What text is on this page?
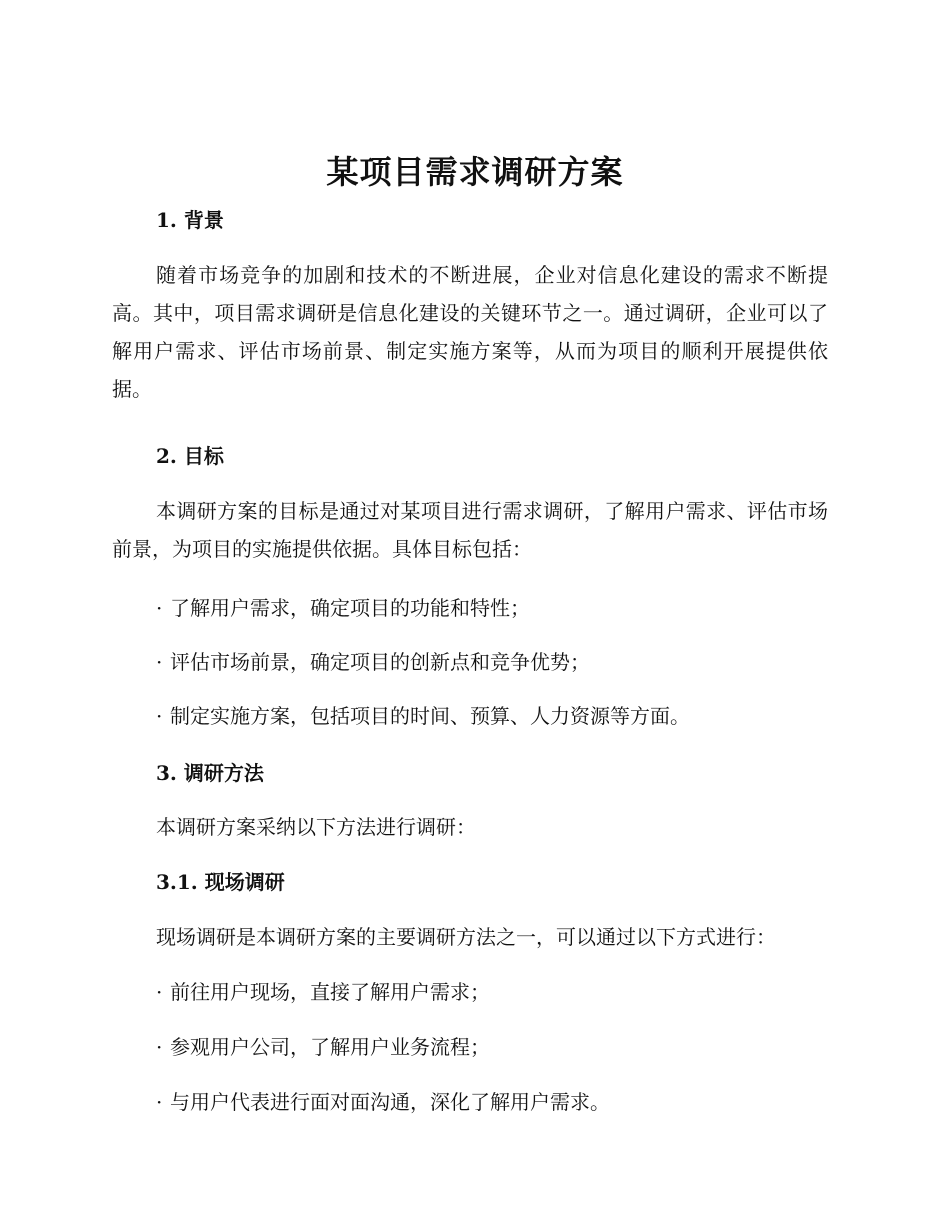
某项目需求调研方案
1. 背景

随着市场竞争的加剧和技术的不断进展，企业对信息化建设的需求不断提高。其中，项目需求调研是信息化建设的关键环节之一。通过调研，企业可以了解用户需求、评估市场前景、制定实施方案等，从而为项目的顺利开展提供依据。

2. 目标

本调研方案的目标是通过对某项目进行需求调研，了解用户需求、评估市场前景，为项目的实施提供依据。具体目标包括：

· 了解用户需求，确定项目的功能和特性；

· 评估市场前景，确定项目的创新点和竞争优势；

· 制定实施方案，包括项目的时间、预算、人力资源等方面。

3. 调研方法

本调研方案采纳以下方法进行调研：

3.1. 现场调研

现场调研是本调研方案的主要调研方法之一，可以通过以下方式进行：

· 前往用户现场，直接了解用户需求；

· 参观用户公司，了解用户业务流程；

· 与用户代表进行面对面沟通，深化了解用户需求。
